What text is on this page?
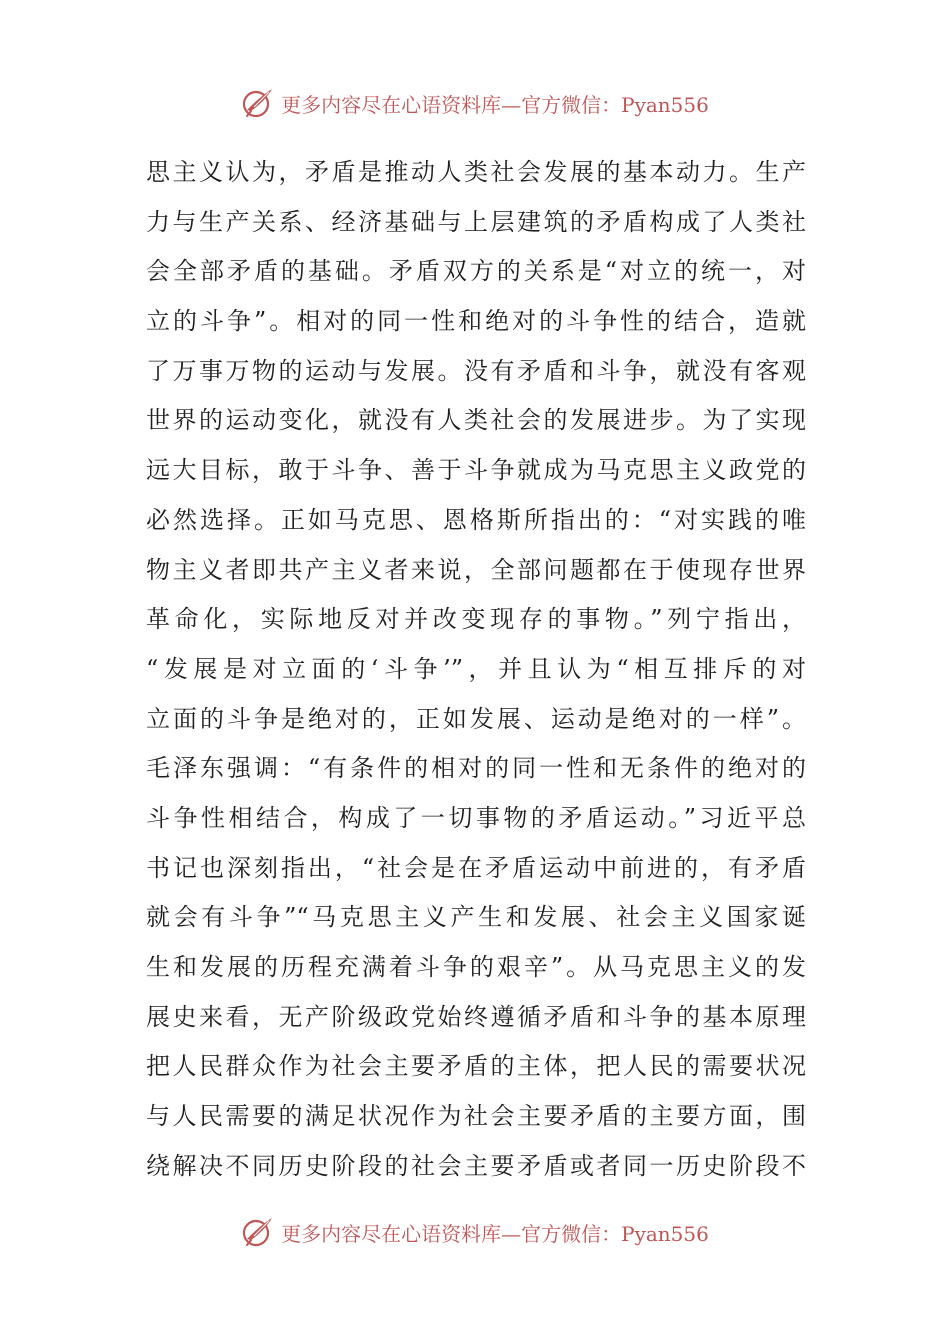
更多内容尽在心语资料库—官方微信：Pyan556
思主义认为，矛盾是推动人类社会发展的基本动力。生产
力与生产关系、经济基础与上层建筑的矛盾构成了人类社
会全部矛盾的基础。矛盾双方的关系是“对立的统一，对
立的斗争”。相对的同一性和绝对的斗争性的结合，造就
了万事万物的运动与发展。没有矛盾和斗争，就没有客观
世界的运动变化，就没有人类社会的发展进步。为了实现
远大目标，敢于斗争、善于斗争就成为马克思主义政党的
必然选择。正如马克思、恩格斯所指出的：“对实践的唯
物主义者即共产主义者来说，全部问题都在于使现存世界
革命化，实际地反对并改变现存的事物。”列宁指出，
“发展是对立面的‘斗争’”，并且认为“相互排斥的对
立面的斗争是绝对的，正如发展、运动是绝对的一样”。
毛泽东强调：“有条件的相对的同一性和无条件的绝对的
斗争性相结合，构成了一切事物的矛盾运动。”习近平总
书记也深刻指出，“社会是在矛盾运动中前进的，有矛盾
就会有斗争”“马克思主义产生和发展、社会主义国家诞
生和发展的历程充满着斗争的艰辛”。从马克思主义的发
展史来看，无产阶级政党始终遵循矛盾和斗争的基本原理
把人民群众作为社会主要矛盾的主体，把人民的需要状况
与人民需要的满足状况作为社会主要矛盾的主要方面，围
绕解决不同历史阶段的社会主要矛盾或者同一历史阶段不
更多内容尽在心语资料库—官方微信：Pyan556
